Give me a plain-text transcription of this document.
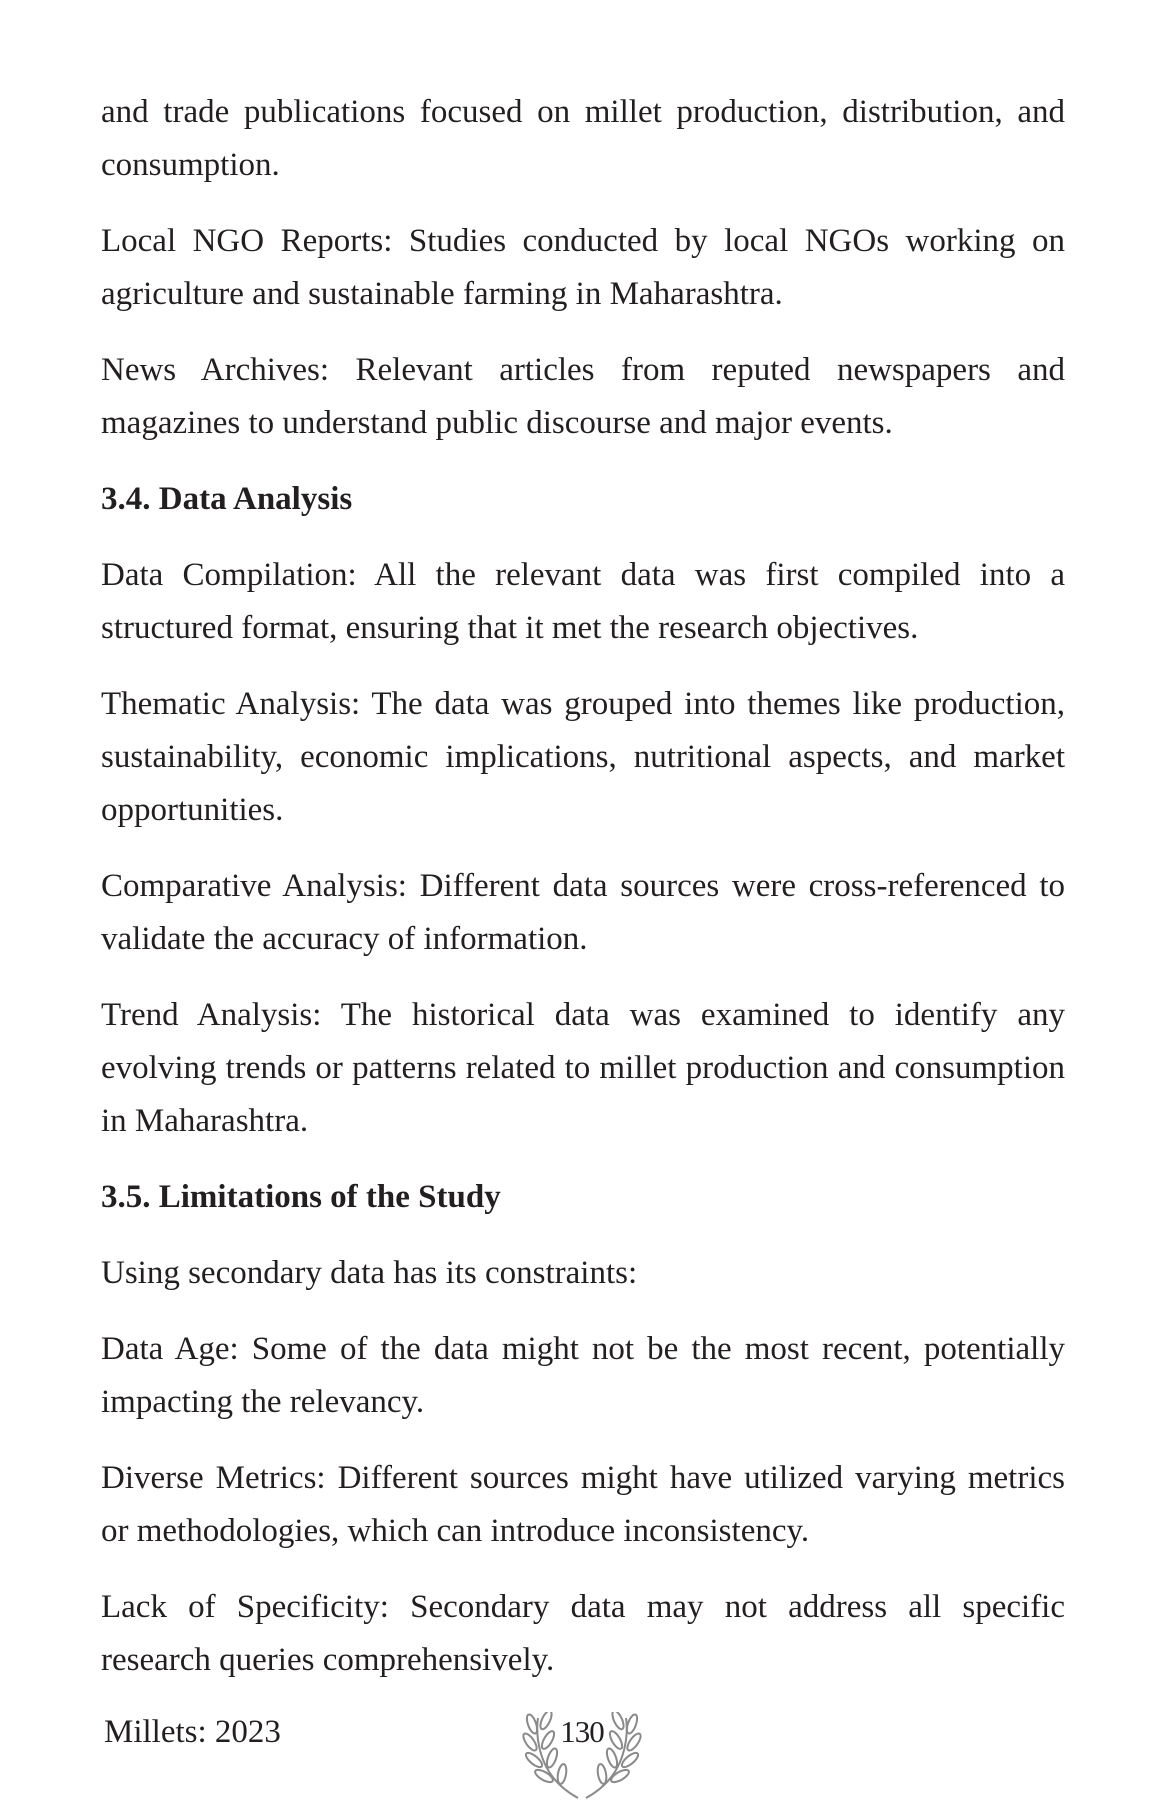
and trade publications focused on millet production, distribution, and consumption.

Local NGO Reports: Studies conducted by local NGOs working on agriculture and sustainable farming in Maharashtra.

News Archives: Relevant articles from reputed newspapers and magazines to understand public discourse and major events.

3.4. Data Analysis

Data Compilation: All the relevant data was first compiled into a structured format, ensuring that it met the research objectives.

Thematic Analysis: The data was grouped into themes like production, sustainability, economic implications, nutritional aspects, and market opportunities.

Comparative Analysis: Different data sources were cross-referenced to validate the accuracy of information.

Trend Analysis: The historical data was examined to identify any evolving trends or patterns related to millet production and consumption in Maharashtra.

3.5. Limitations of the Study

Using secondary data has its constraints:

Data Age: Some of the data might not be the most recent, potentially impacting the relevancy.

Diverse Metrics: Different sources might have utilized varying metrics or methodologies, which can introduce inconsistency.

Lack of Specificity: Secondary data may not address all specific research queries comprehensively.

Millets: 2023	130
